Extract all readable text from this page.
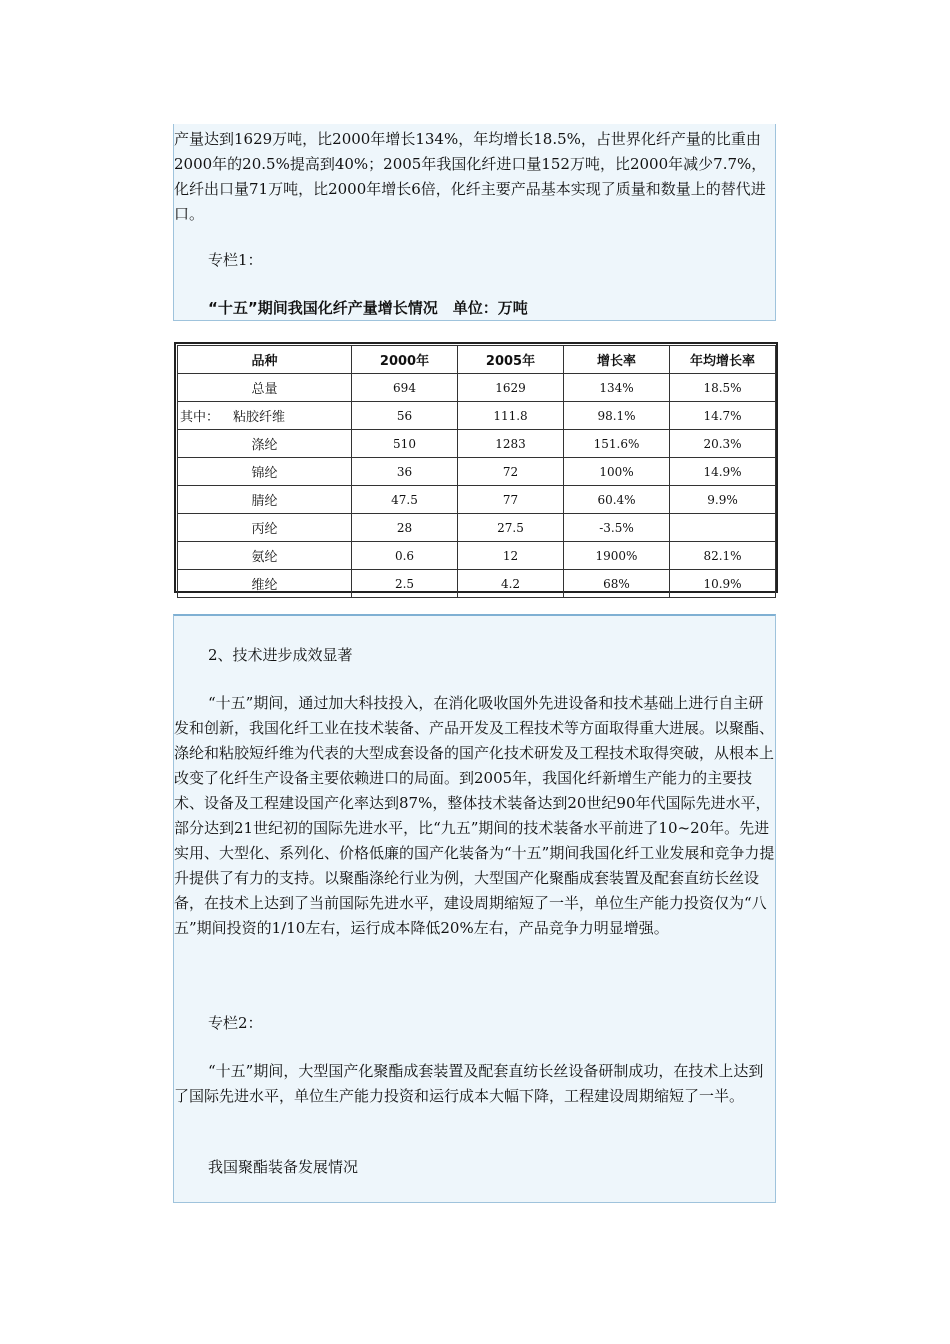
产量达到1629万吨，比2000年增长134%，年均增长18.5%，占世界化纤产量的比重由2000年的20.5%提高到40%；2005年我国化纤进口量152万吨，比2000年减少7.7%，化纤出口量71万吨，比2000年增长6倍，化纤主要产品基本实现了质量和数量上的替代进口。

专栏1：

“十五”期间我国化纤产量增长情况　单位：万吨

品种	2000年	2005年	增长率	年均增长率
总量	694	1629	134%	18.5%
其中： 粘胶纤维	56	111.8	98.1%	14.7%
涤纶	510	1283	151.6%	20.3%
锦纶	36	72	100%	14.9%
腈纶	47.5	77	60.4%	9.9%
丙纶	28	27.5	-3.5%	
氨纶	0.6	12	1900%	82.1%
维纶	2.5	4.2	68%	10.9%

2、技术进步成效显著

“十五”期间，通过加大科技投入，在消化吸收国外先进设备和技术基础上进行自主研发和创新，我国化纤工业在技术装备、产品开发及工程技术等方面取得重大进展。以聚酯、涤纶和粘胶短纤维为代表的大型成套设备的国产化技术研发及工程技术取得突破，从根本上改变了化纤生产设备主要依赖进口的局面。到2005年，我国化纤新增生产能力的主要技术、设备及工程建设国产化率达到87%，整体技术装备达到20世纪90年代国际先进水平，部分达到21世纪初的国际先进水平，比“九五”期间的技术装备水平前进了10~20年。先进实用、大型化、系列化、价格低廉的国产化装备为“十五”期间我国化纤工业发展和竞争力提升提供了有力的支持。以聚酯涤纶行业为例，大型国产化聚酯成套装置及配套直纺长丝设备，在技术上达到了当前国际先进水平，建设周期缩短了一半，单位生产能力投资仅为“八五”期间投资的1/10左右，运行成本降低20%左右，产品竞争力明显增强。

专栏2：

“十五”期间，大型国产化聚酯成套装置及配套直纺长丝设备研制成功，在技术上达到了国际先进水平，单位生产能力投资和运行成本大幅下降，工程建设周期缩短了一半。

我国聚酯装备发展情况
